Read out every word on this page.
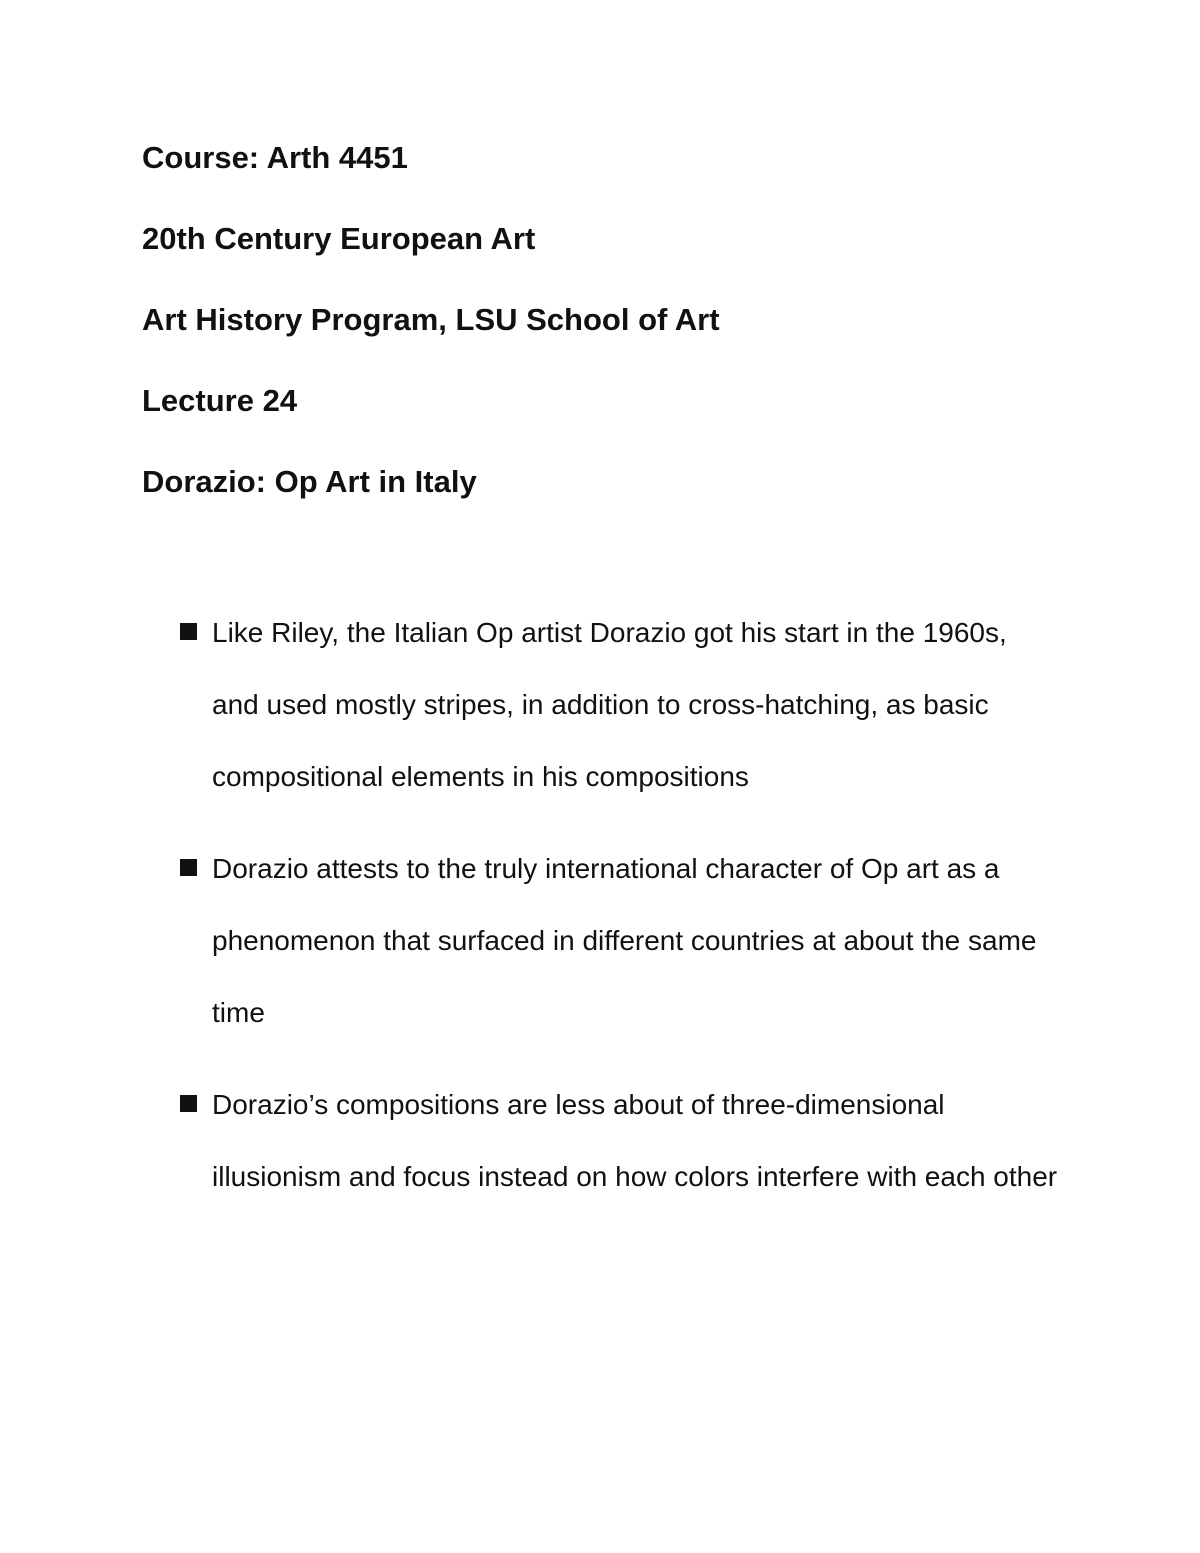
Course: Arth 4451
20th Century European Art
Art History Program, LSU School of Art
Lecture 24
Dorazio: Op Art in Italy
Like Riley, the Italian Op artist Dorazio got his start in the 1960s, and used mostly stripes, in addition to cross-hatching, as basic compositional elements in his compositions
Dorazio attests to the truly international character of Op art as a phenomenon that surfaced in different countries at about the same time
Dorazio’s compositions are less about of three-dimensional illusionism and focus instead on how colors interfere with each other
